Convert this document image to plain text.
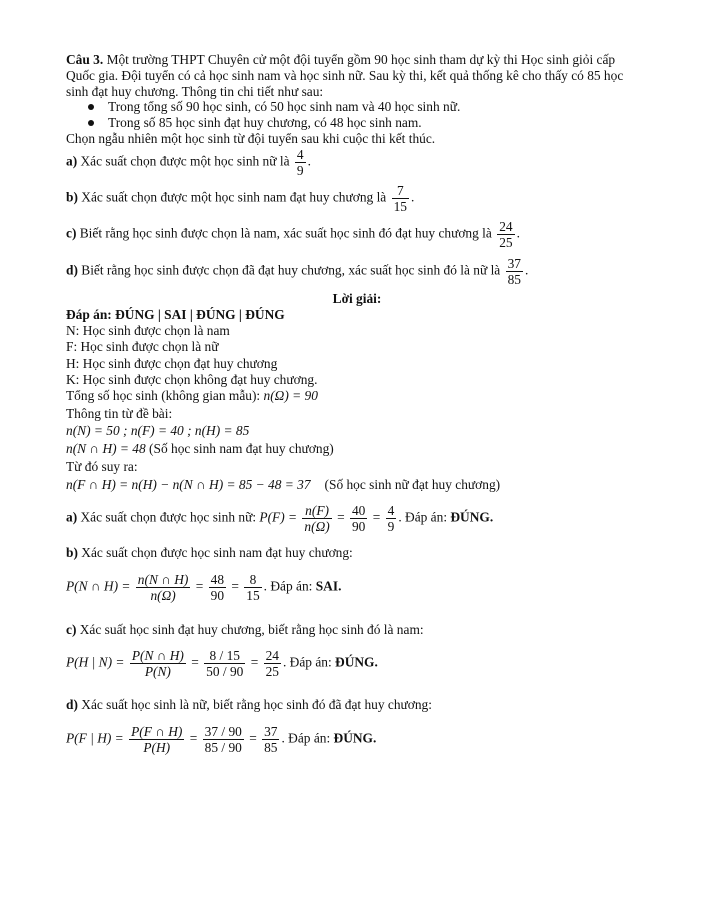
Câu 3. Một trường THPT Chuyên cử một đội tuyển gồm 90 học sinh tham dự kỳ thi Học sinh giỏi cấp
Quốc gia. Đội tuyển có cả học sinh nam và học sinh nữ. Sau kỳ thi, kết quả thống kê cho thấy có 85 học
sinh đạt huy chương. Thông tin chi tiết như sau:
Trong tổng số 90 học sinh, có 50 học sinh nam và 40 học sinh nữ.
Trong số 85 học sinh đạt huy chương, có 48 học sinh nam.
Chọn ngẫu nhiên một học sinh từ đội tuyển sau khi cuộc thi kết thúc.
a) Xác suất chọn được một học sinh nữ là $\frac{4}{9}$ .
b) Xác suất chọn được một học sinh nam đạt huy chương là $\frac{7}{15}$ .
c) Biết rằng học sinh được chọn là nam, xác suất học sinh đó đạt huy chương là $\frac{24}{25}$ .
d) Biết rằng học sinh được chọn đã đạt huy chương, xác suất học sinh đó là nữ là $\frac{37}{85}$ .
Lời giải:
Đáp án: ĐÚNG | SAI | ĐÚNG | ĐÚNG
N: Học sinh được chọn là nam
F: Học sinh được chọn là nữ
H: Học sinh được chọn đạt huy chương
K: Học sinh được chọn không đạt huy chương.
Tổng số học sinh (không gian mẫu): n(Ω) = 90
Thông tin từ đề bài:
n(N) = 50 ; n(F) = 40 ; n(H) = 85
n(N ∩ H) = 48 (Số học sinh nam đạt huy chương)
Từ đó suy ra:
n(F ∩ H) = n(H) − n(N ∩ H) = 85 − 48 = 37 (Số học sinh nữ đạt huy chương)
a) Xác suất chọn được học sinh nữ: $P(F) = \frac{n(F)}{n(\Omega)} = \frac{40}{90} = \frac{4}{9}$ . Đáp án: ĐÚNG.
b) Xác suất chọn được học sinh nam đạt huy chương:
P(N ∩ $H) = \frac{n(N \cap H)}{n(\Omega)} = \frac{48}{90} = \frac{8}{15}$ . Đáp án: SAI.
c) Xác suất học sinh đạt huy chương, biết rằng học sinh đó là nam:
P(H | $N) = \frac{P(N \cap H)}{P(N)} = \frac{8 / 15}{50 / 90} = \frac{24}{25}$ . Đáp án: ĐÚNG.
d) Xác suất học sinh là nữ, biết rằng học sinh đó đã đạt huy chương:
P(F | $H) = \frac{P(F \cap H)}{P(H)} = \frac{37 / 90}{85 / 90} = \frac{37}{85}$ . Đáp án: ĐÚNG.
